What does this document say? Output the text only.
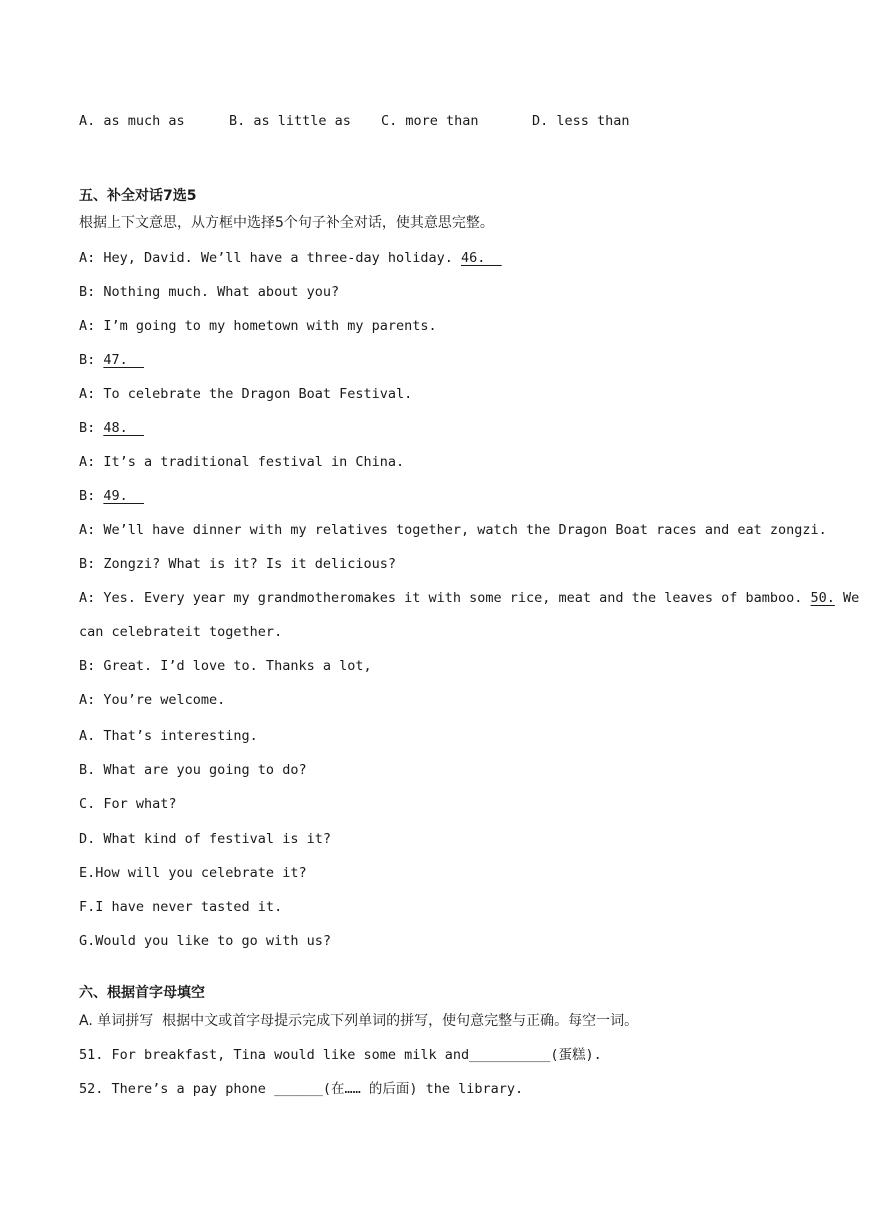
A. as much as	B. as little as C. more than	D. less than
五、补全对话7选5
根据上下文意思，从方框中选择5个句子补全对话，使其意思完整。
A: Hey, David. We’ll have a three-day holiday. 46.
B: Nothing much. What about you?
A: I’m going to my hometown with my parents.
B: 47.
A: To celebrate the Dragon Boat Festival.
B: 48.
A: It’s a traditional festival in China.
B: 49.
A: We’ll have dinner with my relatives together, watch the Dragon Boat races and eat zongzi.
B: Zongzi? What is it? Is it delicious?
A: Yes. Every year my grandmotheromakes it with some rice, meat and the leaves of bamboo. 50. We
can celebrateit together.
B: Great. I’d love to. Thanks a lot,
A: You’re welcome.
A. That’s interesting.
B. What are you going to do?
C. For what?
D. What kind of festival is it?
E.How will you celebrate it?
F.I have never tasted it.
G.Would you like to go with us?
六、根据首字母填空
A. 单词拼写  根据中文或首字母提示完成下列单词的拼写，使句意完整与正确。每空一词。
51. For breakfast, Tina would like some milk and__________(蛋糕).
52. There’s a pay phone ______(在…… 的后面) the library.
